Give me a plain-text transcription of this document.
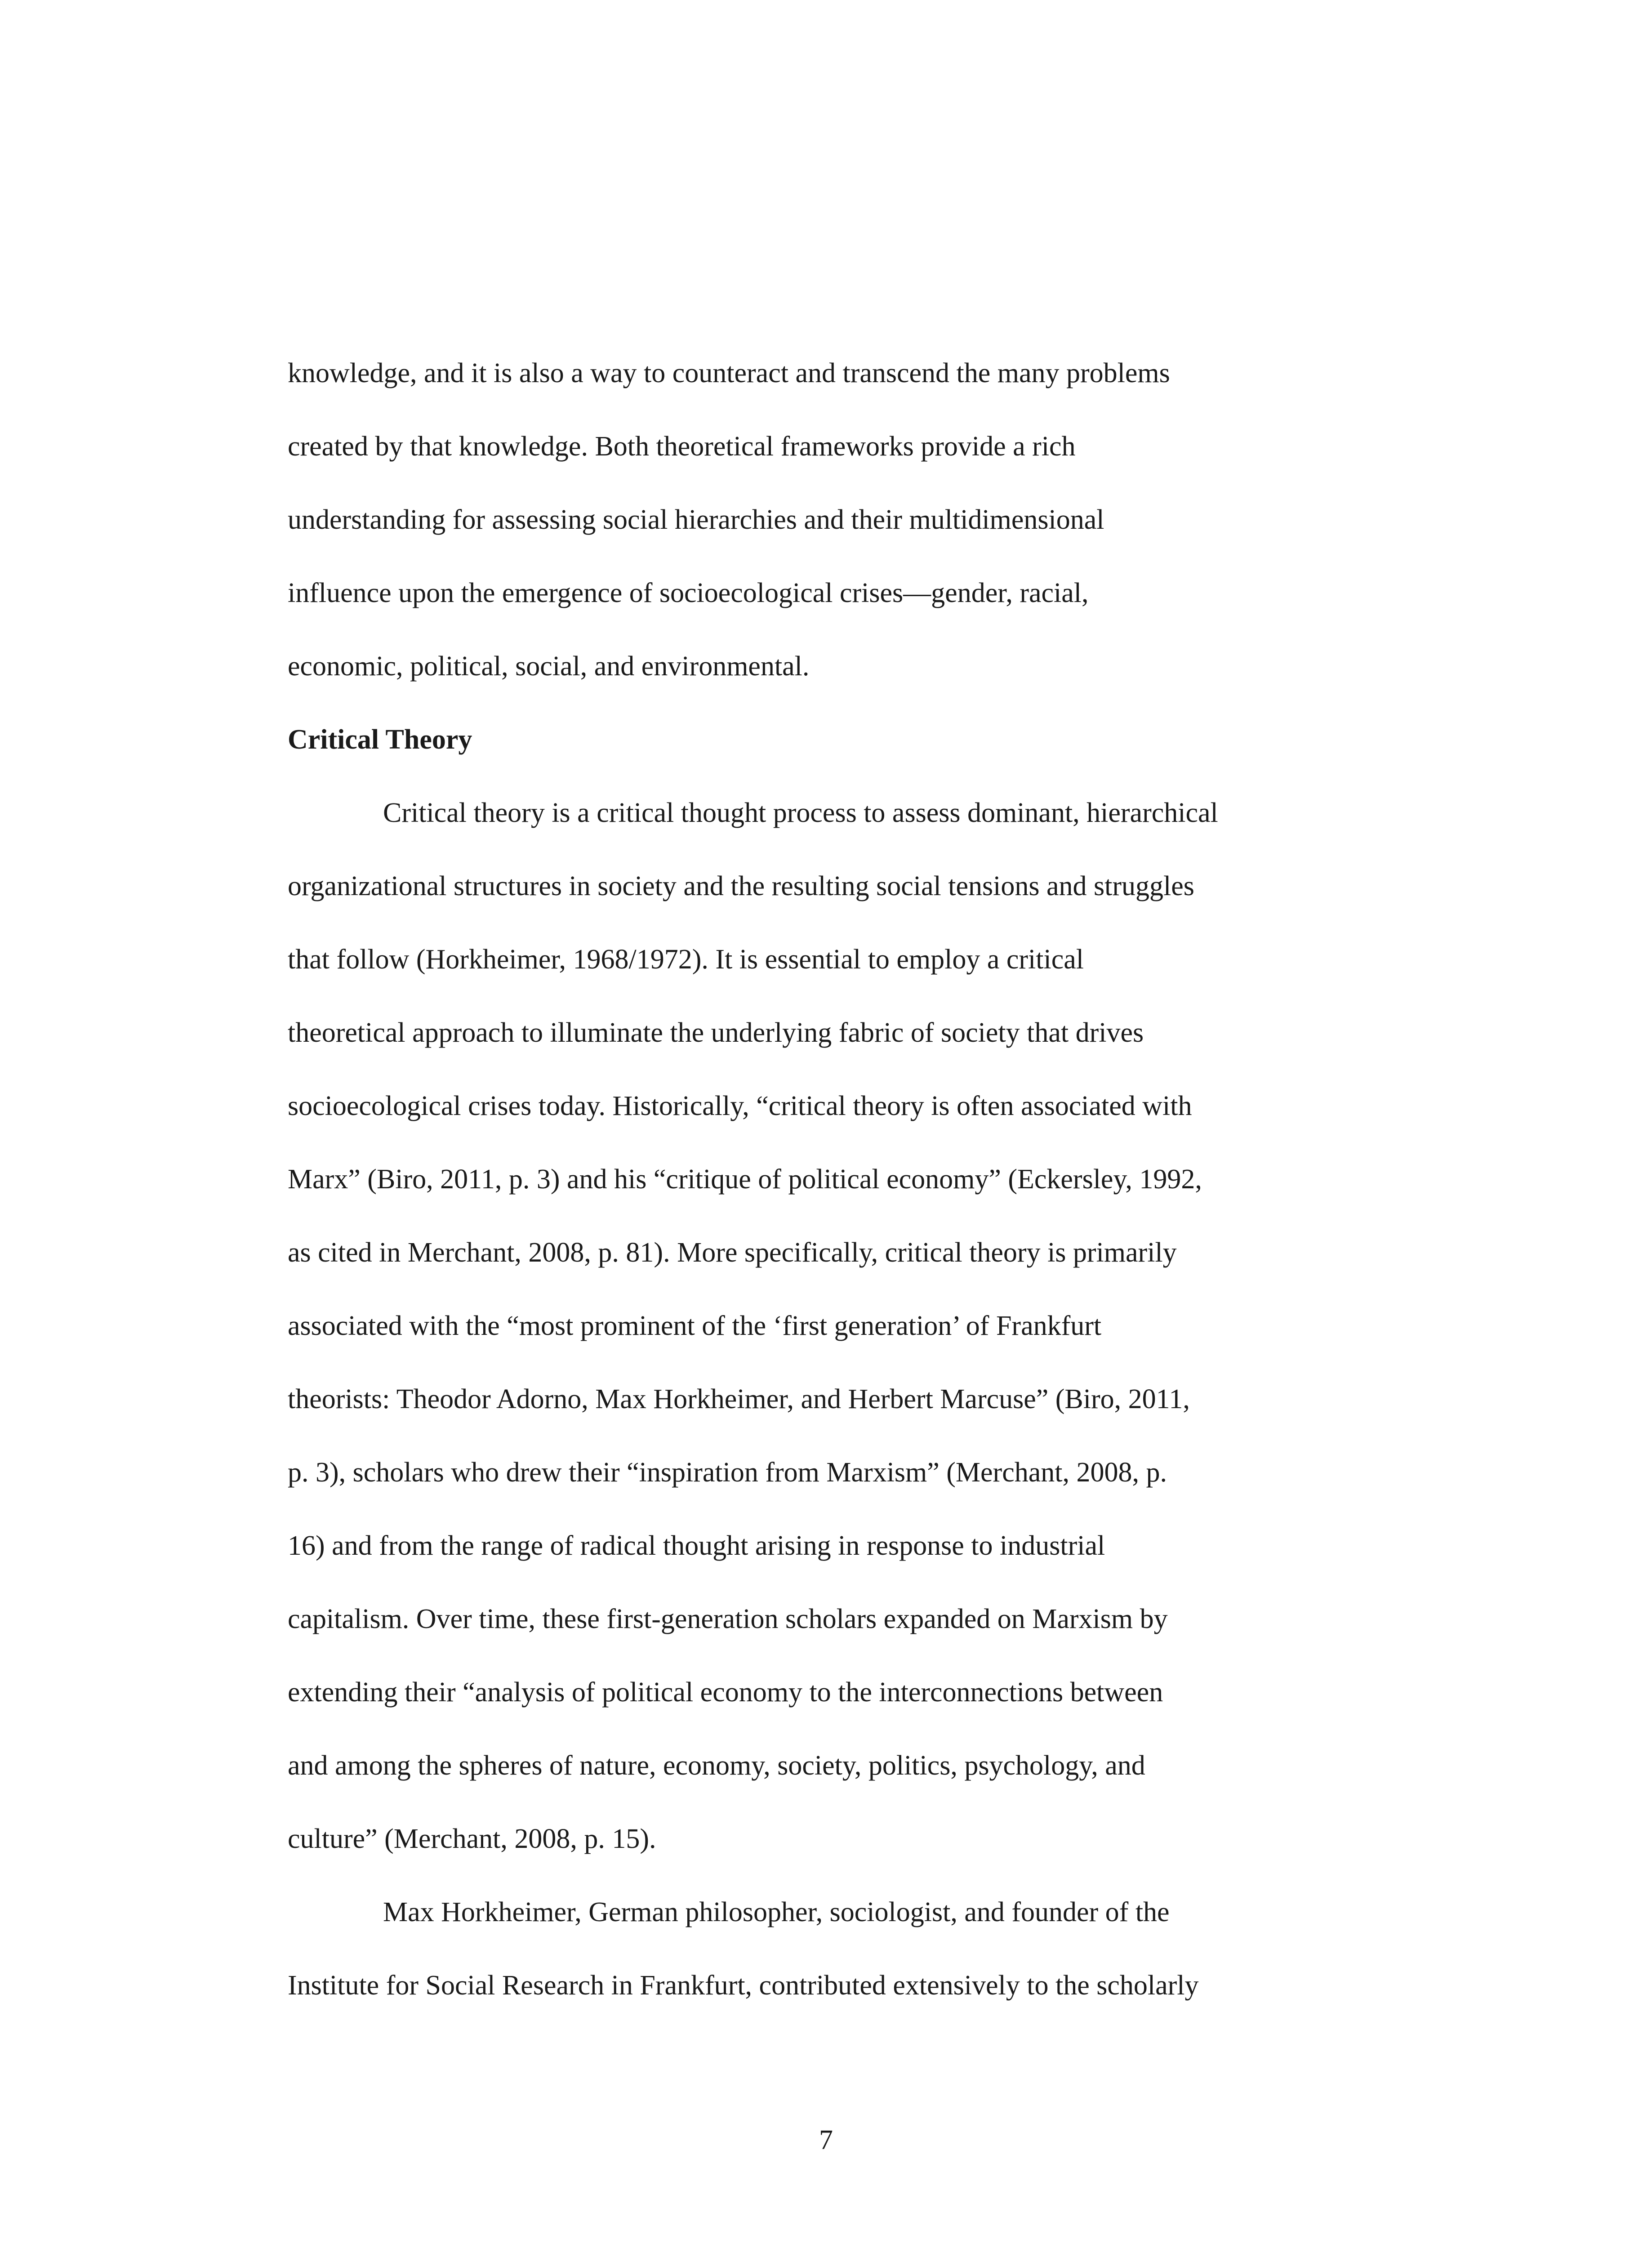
knowledge, and it is also a way to counteract and transcend the many problems
created by that knowledge. Both theoretical frameworks provide a rich
understanding for assessing social hierarchies and their multidimensional
influence upon the emergence of socioecological crises—gender, racial,
economic, political, social, and environmental.
Critical Theory
Critical theory is a critical thought process to assess dominant, hierarchical
organizational structures in society and the resulting social tensions and struggles
that follow (Horkheimer, 1968/1972). It is essential to employ a critical
theoretical approach to illuminate the underlying fabric of society that drives
socioecological crises today. Historically, “critical theory is often associated with
Marx” (Biro, 2011, p. 3) and his “critique of political economy” (Eckersley, 1992,
as cited in Merchant, 2008, p. 81). More specifically, critical theory is primarily
associated with the “most prominent of the ‘first generation’ of Frankfurt
theorists: Theodor Adorno, Max Horkheimer, and Herbert Marcuse” (Biro, 2011,
p. 3), scholars who drew their “inspiration from Marxism” (Merchant, 2008, p.
16) and from the range of radical thought arising in response to industrial
capitalism. Over time, these first-generation scholars expanded on Marxism by
extending their “analysis of political economy to the interconnections between
and among the spheres of nature, economy, society, politics, psychology, and
culture” (Merchant, 2008, p. 15).
Max Horkheimer, German philosopher, sociologist, and founder of the
Institute for Social Research in Frankfurt, contributed extensively to the scholarly
7
